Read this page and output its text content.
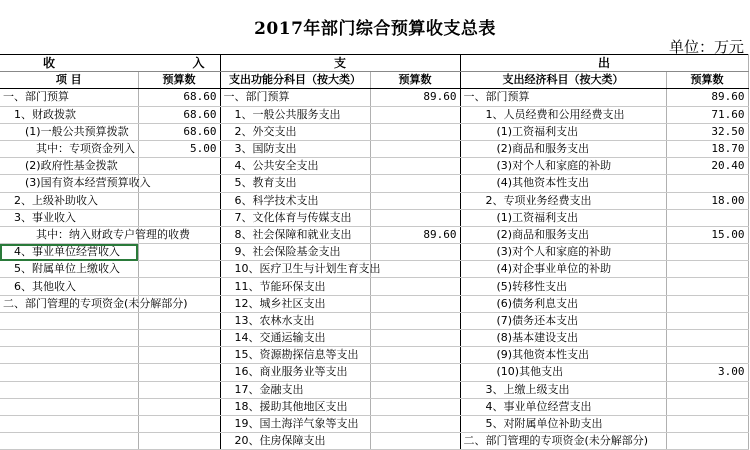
2017年部门综合预算收支总表
单位：万元
收 入		支		出	
项 目	预算数	支出功能分科目（按大类）	预算数	支出经济科目（按大类）	预算数
一、部门预算	68.60	一、部门预算	89.60	一、部门预算	89.60
　1、财政拨款	68.60	　1、一般公共服务支出		　　1、人员经费和公用经费支出	71.60
　　(1)一般公共预算拨款	68.60	　2、外交支出		　　　(1)工资福利支出	32.50
　　　其中：专项资金列入	5.00	　3、国防支出		　　　(2)商品和服务支出	18.70
　　(2)政府性基金拨款		　4、公共安全支出		　　　(3)对个人和家庭的补助	20.40
　　(3)国有资本经营预算收入		　5、教育支出		　　　(4)其他资本性支出	
　2、上级补助收入		　6、科学技术支出		　　2、专项业务经费支出	18.00
　3、事业收入		　7、文化体育与传媒支出		　　　(1)工资福利支出	
　　　其中：纳入财政专户管理的收费		　8、社会保障和就业支出	89.60	　　　(2)商品和服务支出	15.00
　4、事业单位经营收入		　9、社会保险基金支出		　　　(3)对个人和家庭的补助	
　5、附属单位上缴收入		　10、医疗卫生与计划生育支出		　　　(4)对企事业单位的补助	
　6、其他收入		　11、节能环保支出		　　　(5)转移性支出	
二、部门管理的专项资金(未分解部分)		　12、城乡社区支出		　　　(6)债务利息支出	
		　13、农林水支出		　　　(7)债务还本支出	
		　14、交通运输支出		　　　(8)基本建设支出	
		　15、资源勘探信息等支出		　　　(9)其他资本性支出	
		　16、商业服务业等支出		　　　(10)其他支出	3.00
		　17、金融支出		　　3、上缴上级支出	
		　18、援助其他地区支出		　　4、事业单位经营支出	
		　19、国土海洋气象等支出		　　5、对附属单位补助支出	
		　20、住房保障支出		二、部门管理的专项资金(未分解部分)	
